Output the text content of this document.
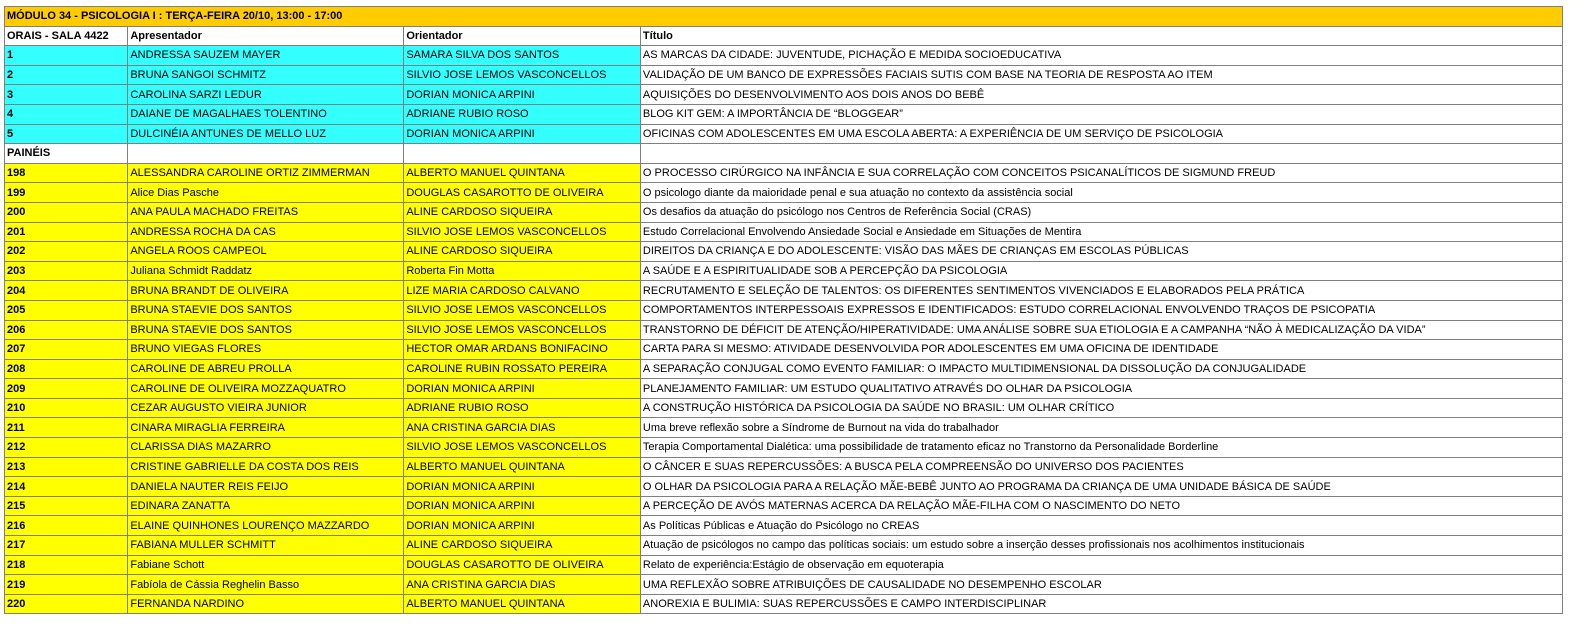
MÓDULO 34 - PSICOLOGIA I : TERÇA-FEIRA 20/10, 13:00 - 17:00			
ORAIS - SALA 4422	Apresentador	Orientador	Título
1	ANDRESSA SAUZEM MAYER	SAMARA SILVA DOS SANTOS	AS MARCAS DA CIDADE: JUVENTUDE, PICHAÇÃO E MEDIDA SOCIOEDUCATIVA
2	BRUNA SANGOI SCHMITZ	SILVIO JOSE LEMOS VASCONCELLOS	VALIDAÇÃO DE UM BANCO DE EXPRESSÕES FACIAIS SUTIS COM BASE NA TEORIA DE RESPOSTA AO ITEM
3	CAROLINA SARZI LEDUR	DORIAN MONICA ARPINI	AQUISIÇÕES DO DESENVOLVIMENTO AOS DOIS ANOS DO BEBÊ
4	DAIANE DE MAGALHAES TOLENTINO	ADRIANE RUBIO ROSO	BLOG KIT GEM: A IMPORTÂNCIA DE “BLOGGEAR”
5	DULCINÉIA ANTUNES DE MELLO LUZ	DORIAN MONICA ARPINI	OFICINAS COM ADOLESCENTES EM UMA ESCOLA ABERTA: A EXPERIÊNCIA DE UM SERVIÇO DE PSICOLOGIA
PAINÉIS			
198	ALESSANDRA CAROLINE ORTIZ ZIMMERMAN	ALBERTO MANUEL QUINTANA	O PROCESSO CIRÚRGICO NA INFÂNCIA E SUA CORRELAÇÃO COM CONCEITOS PSICANALÍTICOS DE SIGMUND FREUD
199	Alice Dias Pasche	DOUGLAS CASAROTTO DE OLIVEIRA	O psicologo diante da maioridade penal e sua atuação no contexto da assistência social
200	ANA PAULA MACHADO FREITAS	ALINE CARDOSO SIQUEIRA	Os desafios da atuação do psicólogo nos Centros de Referência Social (CRAS)
201	ANDRESSA ROCHA DA CAS	SILVIO JOSE LEMOS VASCONCELLOS	Estudo Correlacional Envolvendo Ansiedade Social e Ansiedade em Situações de Mentira
202	ANGELA ROOS CAMPEOL	ALINE CARDOSO SIQUEIRA	DIREITOS DA CRIANÇA E DO ADOLESCENTE: VISÃO DAS MÃES DE CRIANÇAS EM ESCOLAS PÚBLICAS
203	Juliana Schmidt Raddatz	Roberta Fin Motta	A SAÚDE E A ESPIRITUALIDADE SOB A PERCEPÇÃO DA PSICOLOGIA
204	BRUNA BRANDT DE OLIVEIRA	LIZE MARIA CARDOSO CALVANO	RECRUTAMENTO E SELEÇÃO DE TALENTOS: OS DIFERENTES SENTIMENTOS VIVENCIADOS E ELABORADOS PELA PRÁTICA
205	BRUNA STAEVIE DOS SANTOS	SILVIO JOSE LEMOS VASCONCELLOS	COMPORTAMENTOS INTERPESSOAIS EXPRESSOS E IDENTIFICADOS: ESTUDO CORRELACIONAL ENVOLVENDO TRAÇOS DE PSICOPATIA
206	BRUNA STAEVIE DOS SANTOS	SILVIO JOSE LEMOS VASCONCELLOS	TRANSTORNO DE DÉFICIT DE ATENÇÃO/HIPERATIVIDADE: UMA ANÁLISE SOBRE SUA ETIOLOGIA E A CAMPANHA “NÃO À MEDICALIZAÇÃO DA VIDA”
207	BRUNO VIEGAS FLORES	HECTOR OMAR ARDANS BONIFACINO	CARTA PARA SI MESMO: ATIVIDADE DESENVOLVIDA POR ADOLESCENTES EM UMA OFICINA DE IDENTIDADE
208	CAROLINE DE ABREU PROLLA	CAROLINE RUBIN ROSSATO PEREIRA	A SEPARAÇÃO CONJUGAL COMO EVENTO FAMILIAR: O IMPACTO MULTIDIMENSIONAL DA DISSOLUÇÃO DA CONJUGALIDADE
209	CAROLINE DE OLIVEIRA MOZZAQUATRO	DORIAN MONICA ARPINI	PLANEJAMENTO FAMILIAR: UM ESTUDO QUALITATIVO ATRAVÉS DO OLHAR DA PSICOLOGIA
210	CEZAR AUGUSTO VIEIRA JUNIOR	ADRIANE RUBIO ROSO	A CONSTRUÇÃO HISTÓRICA DA PSICOLOGIA DA SAÚDE NO BRASIL: UM OLHAR CRÍTICO
211	CINARA MIRAGLIA FERREIRA	ANA CRISTINA GARCIA DIAS	Uma breve reflexão sobre a Síndrome de Burnout na vida do trabalhador
212	CLARISSA DIAS MAZARRO	SILVIO JOSE LEMOS VASCONCELLOS	Terapia Comportamental Dialética: uma possibilidade de tratamento eficaz no Transtorno da Personalidade Borderline
213	CRISTINE GABRIELLE DA COSTA DOS REIS	ALBERTO MANUEL QUINTANA	O CÂNCER E SUAS REPERCUSSÕES: A BUSCA PELA COMPREENSÃO DO UNIVERSO DOS PACIENTES
214	DANIELA NAUTER REIS FEIJO	DORIAN MONICA ARPINI	O OLHAR DA PSICOLOGIA PARA A RELAÇÃO MÃE-BEBÊ JUNTO AO PROGRAMA DA CRIANÇA DE UMA UNIDADE BÁSICA DE SAÚDE
215	EDINARA ZANATTA	DORIAN MONICA ARPINI	A PERCEÇÃO DE AVÓS MATERNAS ACERCA DA RELAÇÃO MÃE-FILHA COM O NASCIMENTO DO NETO
216	ELAINE QUINHONES LOURENÇO MAZZARDO	DORIAN MONICA ARPINI	As Políticas Públicas e Atuação do Psicólogo no CREAS
217	FABIANA MULLER SCHMITT	ALINE CARDOSO SIQUEIRA	Atuação de psicólogos no campo das políticas sociais: um estudo sobre a inserção desses profissionais nos acolhimentos institucionais
218	Fabiane Schott	DOUGLAS CASAROTTO DE OLIVEIRA	Relato de experiência:Estágio de observação em equoterapia
219	Fabíola de Cássia Reghelin Basso	ANA CRISTINA GARCIA DIAS	UMA REFLEXÃO SOBRE ATRIBUIÇÕES DE CAUSALIDADE NO DESEMPENHO ESCOLAR
220	FERNANDA NARDINO	ALBERTO MANUEL QUINTANA	ANOREXIA E BULIMIA: SUAS REPERCUSSÕES E CAMPO INTERDISCIPLINAR
